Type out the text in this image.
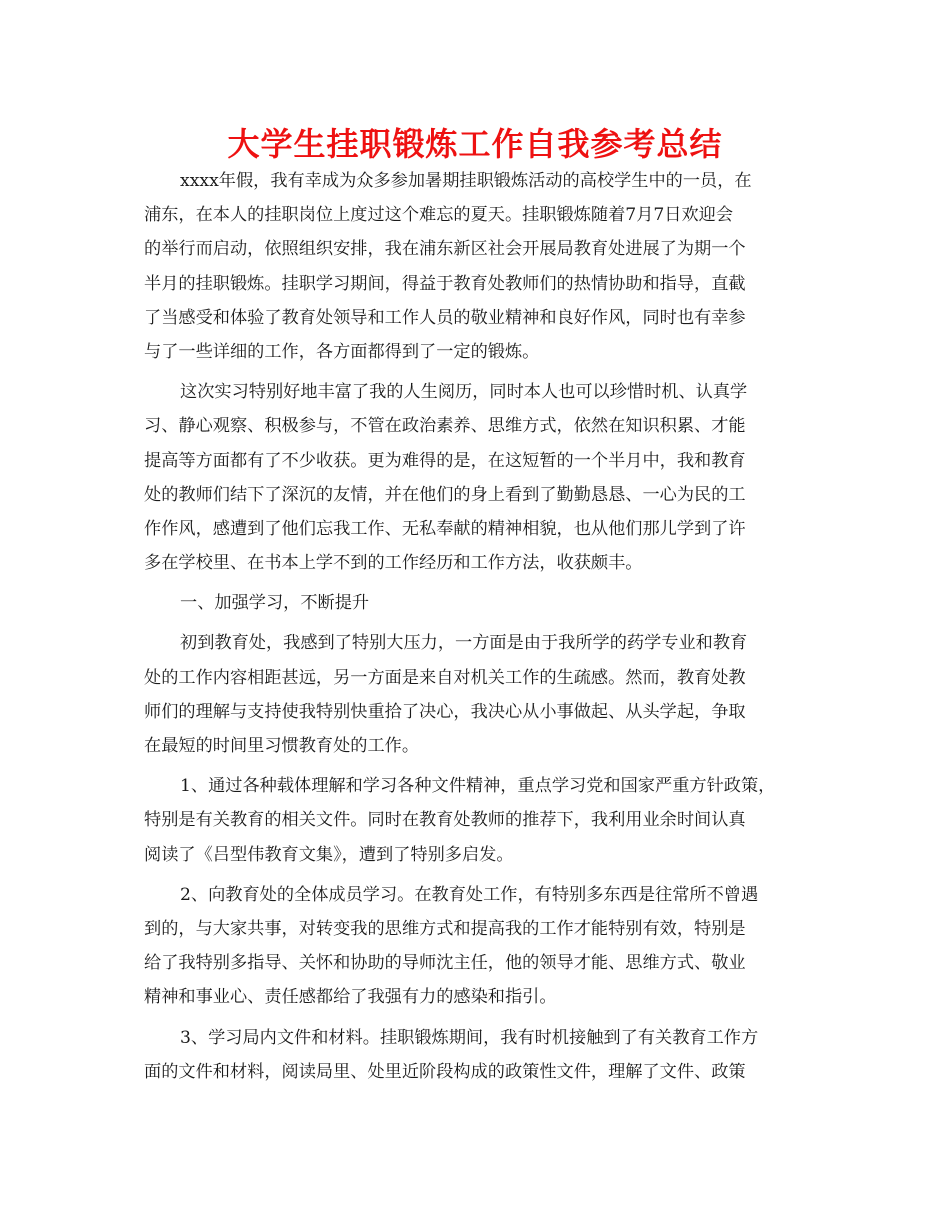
大学生挂职锻炼工作自我参考总结
xxxx年假，我有幸成为众多参加暑期挂职锻炼活动的高校学生中的一员，在
浦东，在本人的挂职岗位上度过这个难忘的夏天。挂职锻炼随着7月7日欢迎会
的举行而启动，依照组织安排，我在浦东新区社会开展局教育处进展了为期一个
半月的挂职锻炼。挂职学习期间，得益于教育处教师们的热情协助和指导，直截
了当感受和体验了教育处领导和工作人员的敬业精神和良好作风，同时也有幸参
与了一些详细的工作，各方面都得到了一定的锻炼。
这次实习特别好地丰富了我的人生阅历，同时本人也可以珍惜时机、认真学
习、静心观察、积极参与，不管在政治素养、思维方式，依然在知识积累、才能
提高等方面都有了不少收获。更为难得的是，在这短暂的一个半月中，我和教育
处的教师们结下了深沉的友情，并在他们的身上看到了勤勤恳恳、一心为民的工
作作风，感遭到了他们忘我工作、无私奉献的精神相貌，也从他们那儿学到了许
多在学校里、在书本上学不到的工作经历和工作方法，收获颇丰。
一、加强学习，不断提升
初到教育处，我感到了特别大压力，一方面是由于我所学的药学专业和教育
处的工作内容相距甚远，另一方面是来自对机关工作的生疏感。然而，教育处教
师们的理解与支持使我特别快重拾了决心，我决心从小事做起、从头学起，争取
在最短的时间里习惯教育处的工作。
1、通过各种载体理解和学习各种文件精神，重点学习党和国家严重方针政策，
特别是有关教育的相关文件。同时在教育处教师的推荐下，我利用业余时间认真
阅读了《吕型伟教育文集》，遭到了特别多启发。
2、向教育处的全体成员学习。在教育处工作，有特别多东西是往常所不曾遇
到的，与大家共事，对转变我的思维方式和提高我的工作才能特别有效，特别是
给了我特别多指导、关怀和协助的导师沈主任，他的领导才能、思维方式、敬业
精神和事业心、责任感都给了我强有力的感染和指引。
3、学习局内文件和材料。挂职锻炼期间，我有时机接触到了有关教育工作方
面的文件和材料，阅读局里、处里近阶段构成的政策性文件，理解了文件、政策
